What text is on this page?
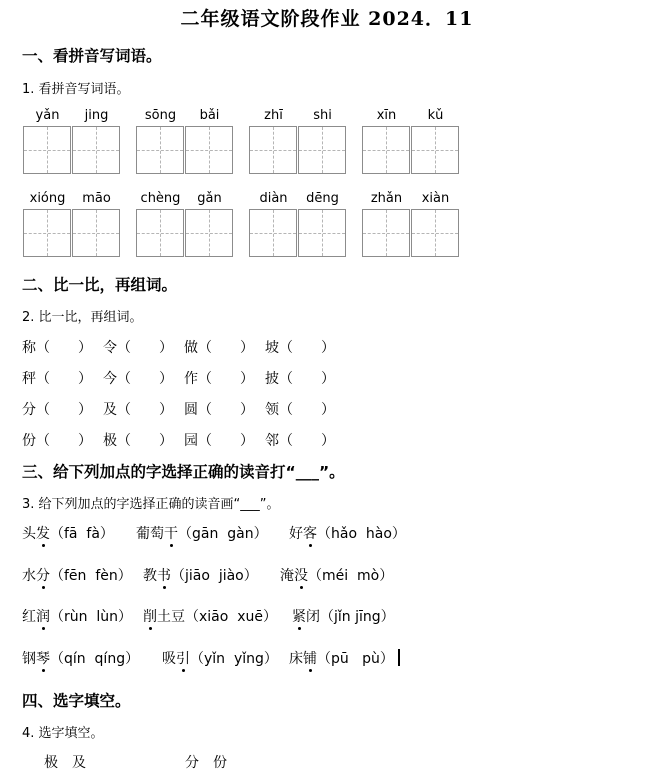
二年级语文阶段作业 2024．11
一、看拼音写词语。
1. 看拼音写词语。
yǎn	jing	sōng	bǎi	zhī	shi	xīn	kǔ
xióng	māo	chèng	gǎn	diàn	dēng	zhǎn	xiàn
二、比一比，再组词。
2. 比一比，再组词。
称（　　） 令（　　） 做（　　） 坡（　　）
秤（　　） 今（　　） 作（　　） 披（　　）
分（　　） 及（　　） 圆（　　） 领（　　）
份（　　） 极（　　） 园（　　） 邻（　　）
三、给下列加点的字选择正确的读音打“___”。
3. 给下列加点的字选择正确的读音画“___”。
头发（fā  fà） 葡萄干（gān  gàn） 好客（hǎo  hào）
水分（fēn  fèn） 教书（jiāo  jiào） 淹没（méi  mò）
红润（rùn  lùn） 削土豆（xiāo  xuē） 紧闭（jǐn jīng）
钢琴（qín  qíng） 吸引（yǐn  yǐng） 床铺（pū   pù）
四、选字填空。
4. 选字填空。
极　及	分　份
